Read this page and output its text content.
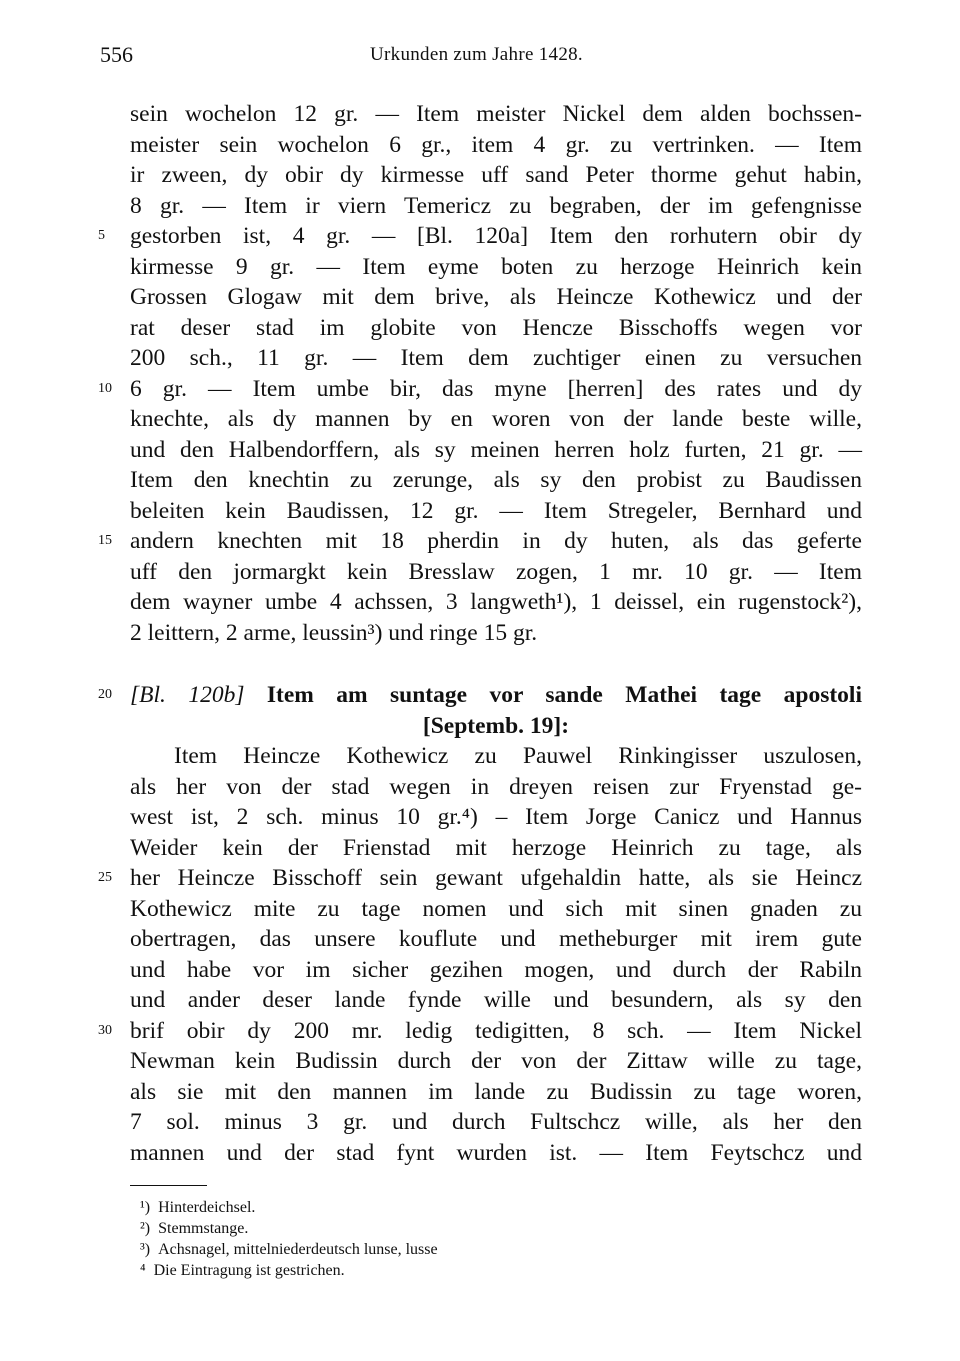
556	Urkunden zum Jahre 1428.
sein wochelon 12 gr. — Item meister Nickel dem alden bochssen-
meister sein wochelon 6 gr., item 4 gr. zu vertrinken. — Item
ir zween, dy obir dy kirmesse uff sand Peter thorme gehut habin,
8 gr. — Item ir viern Temericz zu begraben, der im gefengnisse
5	gestorben ist, 4 gr. — [Bl. 120a] Item den rorhutern obir dy
kirmesse 9 gr. — Item eyme boten zu herzoge Heinrich kein
Grossen Glogaw mit dem brive, als Heincze Kothewicz und der
rat deser stad im globite von Hencze Bisschoffs wegen vor
200 sch., 11 gr. — Item dem zuchtiger einen zu versuchen
10 6 gr. — Item umbe bir, das myne [herren] des rates und dy
knechte, als dy mannen by en woren von der lande beste wille,
und den Halbendorffern, als sy meinen herren holz furten, 21 gr. —
Item den knechtin zu zerunge, als sy den probist zu Baudissen
beleiten kein Baudissen, 12 gr. — Item Stregeler, Bernhard und
15 andern knechten mit 18 pherdin in dy huten, als das geferte
uff den jormargkt kein Bresslaw zogen, 1 mr. 10 gr. — Item
dem wayner umbe 4 achssen, 3 langweth¹), 1 deissel, ein rugenstock²),
2 leittern, 2 arme, leussin³) und ringe 15 gr.
20 [Bl. 120b] Item am suntage vor sande Mathei tage apostoli
[Septemb. 19]:
Item Heincze Kothewicz zu Pauwel Rinkingisser uszulosen,
als her von der stad wegen in dreyen reisen zur Fryenstad ge-
west ist, 2 sch. minus 10 gr.⁴) – Item Jorge Canicz und Hannus
Weider kein der Frienstad mit herzoge Heinrich zu tage, als
25 her Heincze Bisschoff sein gewant ufgehaldin hatte, als sie Heincz
Kothewicz mite zu tage nomen und sich mit sinen gnaden zu
obertragen, das unsere kouflute und metheburger mit irem gute
und habe vor im sicher gezihen mogen, und durch der Rabiln
und ander deser lande fynde wille und besundern, als sy den
30 brif obir dy 200 mr. ledig tedigitten, 8 sch. — Item Nickel
Newman kein Budissin durch der von der Zittaw wille zu tage,
als sie mit den mannen im lande zu Budissin zu tage woren,
7 sol. minus 3 gr. und durch Fultschcz wille, als her den
mannen und der stad fynt wurden ist. — Item Feytschcz und
¹) Hinterdeichsel.
²) Stemmstange.
³) Achsnagel, mittelniederdeutsch lunse, lusse
⁴ Die Eintragung ist gestrichen.
